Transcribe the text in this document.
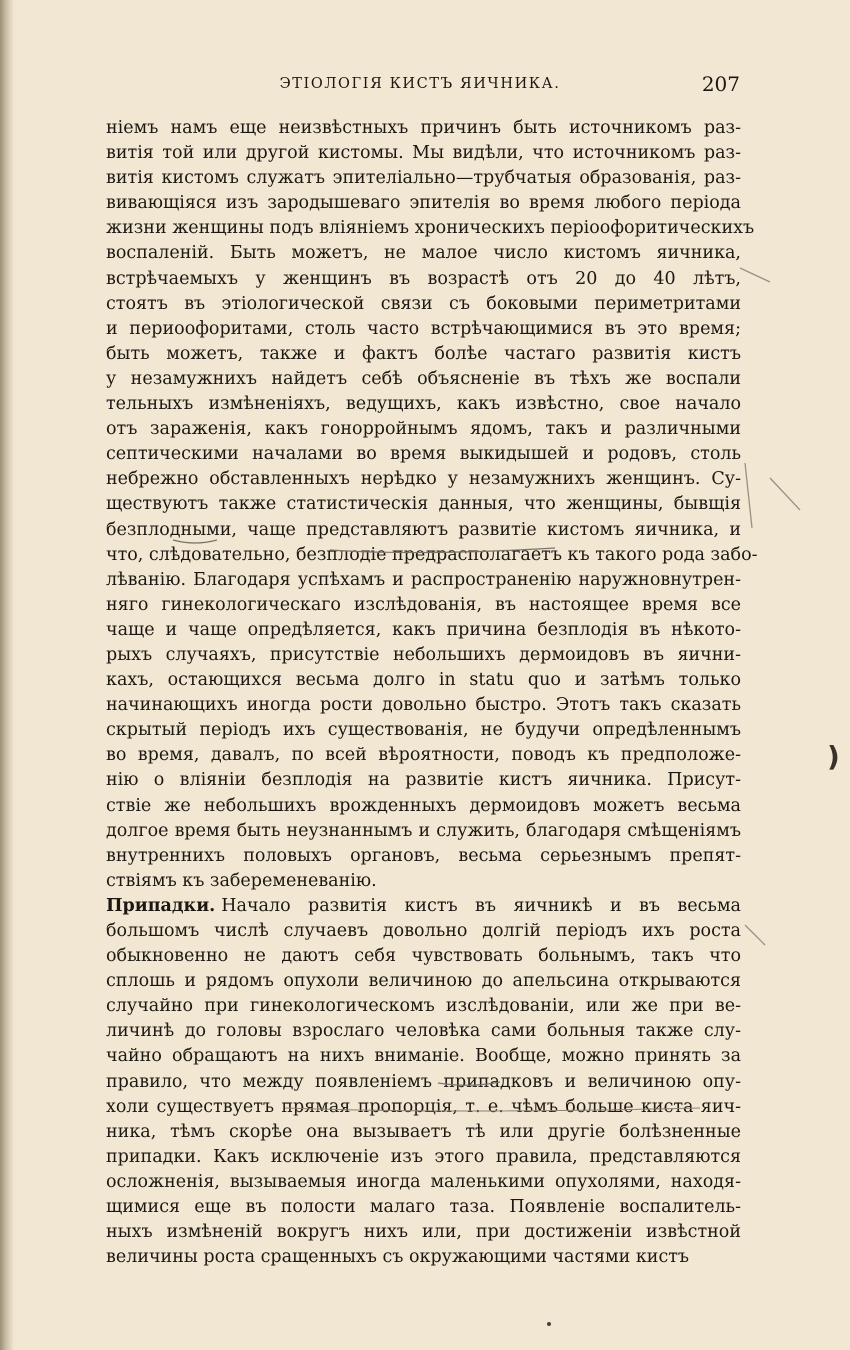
ЭТІОЛОГІЯ КИСТЪ ЯИЧНИКА.	207
ніемъ намъ еще неизвѣстныхъ причинъ быть источникомъ раз-
витія той или другой кистомы. Мы видѣли, что источникомъ раз-
витія кистомъ служатъ эпителіально—трубчатыя образованія, раз-
вивающіяся изъ зародышеваго эпителія во время любого періода
жизни женщины подъ вліяніемъ хроническихъ періоофоритическихъ
воспаленій. Быть можетъ, не малое число кистомъ яичника,
встрѣчаемыхъ у женщинъ въ возрастѣ отъ 20 до 40 лѣтъ,
стоятъ въ этіологической связи съ боковыми периметритами
и периоофоритами, столь часто встрѣчающимися въ это время;
быть можетъ, также и фактъ болѣе частаго развитія кистъ
у незамужнихъ найдетъ себѣ объясненіе въ тѣхъ же воспали
тельныхъ измѣненіяхъ, ведущихъ, какъ извѣстно, свое начало
отъ зараженія, какъ гонорройнымъ ядомъ, такъ и различными
септическими началами во время выкидышей и родовъ, столь
небрежно обставленныхъ нерѣдко у незамужнихъ женщинъ. Су-
ществуютъ также статистическія данныя, что женщины, бывщія
безплодными, чаще представляютъ развитіе кистомъ яичника, и
что, слѣдовательно, безплодіе предрасполагаетъ къ такого рода забо-
лѣванію. Благодаря успѣхамъ и распространенію наружновнутрен-
няго гинекологическаго изслѣдованія, въ настоящее время все
чаще и чаще опредѣляется, какъ причина безплодія въ нѣкото-
рыхъ случаяхъ, присутствіе небольшихъ дермоидовъ въ яични-
кахъ, остающихся весьма долго in statu quo и затѣмъ только
начинающихъ иногда рости довольно быстро. Этотъ такъ сказать
скрытый періодъ ихъ существованія, не будучи опредѣленнымъ
во время, давалъ, по всей вѣроятности, поводъ къ предположе-
нію о вліяніи безплодія на развитіе кистъ яичника. Присут-
ствіе же небольшихъ врожденныхъ дермоидовъ можетъ весьма
долгое время быть неузнаннымъ и служить, благодаря смѣщеніямъ
внутреннихъ половыхъ органовъ, весьма серьезнымъ препят-
ствіямъ къ забеременеванію.
Припадки. Начало развитія кистъ въ яичникѣ и въ весьма
большомъ числѣ случаевъ довольно долгій періодъ ихъ роста
обыкновенно не даютъ себя чувствовать больнымъ, такъ что
сплошь и рядомъ опухоли величиною до апельсина открываются
случайно при гинекологическомъ изслѣдованіи, или же при ве-
личинѣ до головы взрослаго человѣка сами больныя также слу-
чайно обращаютъ на нихъ вниманіе. Вообще, можно принять за
правило, что между появленіемъ припадковъ и величиною опу-
холи существуетъ прямая пропорція, т. е. чѣмъ больше киста яич-
ника, тѣмъ скорѣе она вызываетъ тѣ или другіе болѣзненные
припадки. Какъ исключеніе изъ этого правила, представляются
осложненія, вызываемыя иногда маленькими опухолями, находя-
щимися еще въ полости малаго таза. Появленіе воспалитель-
ныхъ измѣненій вокругъ нихъ или, при достиженіи извѣстной
величины роста сращенныхъ съ окружающими частями кистъ
)
